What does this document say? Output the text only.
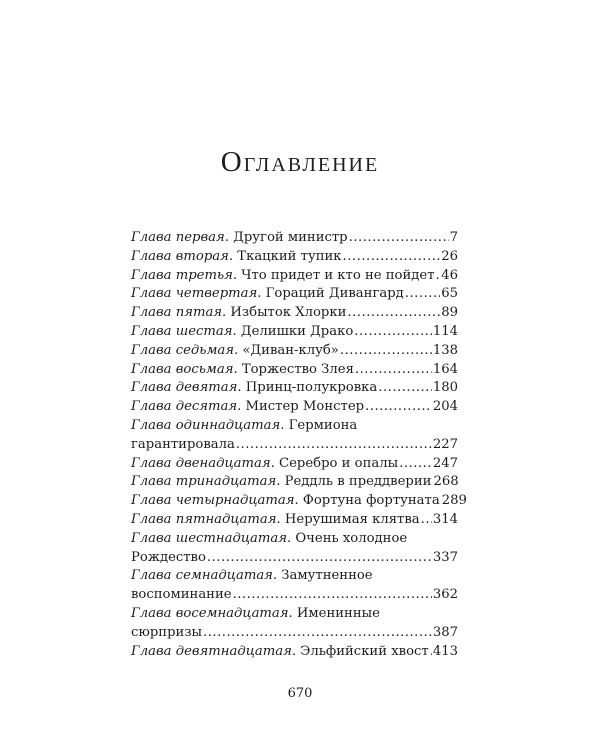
Оглавление
Глава первая . Другой министр .....	7
Глава вторая . Ткацкий тупик .....	26
Глава третья . Что придет и кто не пойдет ..... 46
Глава четвертая . Гораций Дивангард .....	65
Глава пятая . Избыток Хлорки .....	89
Глава шестая . Делишки Драко .....	114
Глава седьмая . «Диван-клуб» .....	138
Глава восьмая . Торжество Злея .....	164
Глава девятая . Принц-полукровка .....	180
Глава десятая . Мистер Монстер .....	204
Глава одиннадцатая . Гермиона
гарантировала .....	227
Глава двенадцатая . Серебро и опалы .....	247
Глава тринадцатая . Реддль в преддверии 268
Глава четырнадцатая . Фортуна фортуната 289
Глава пятнадцатая . Нерушимая клятва ..... 314
Глава шестнадцатая . Очень холодное
Рождество .....	337
Глава семнадцатая . Замутненное
воспоминание .....	362
Глава восемнадцатая . Именинные
сюрпризы .....	387
Глава девятнадцатая . Эльфийский хвост ..... 413
670
